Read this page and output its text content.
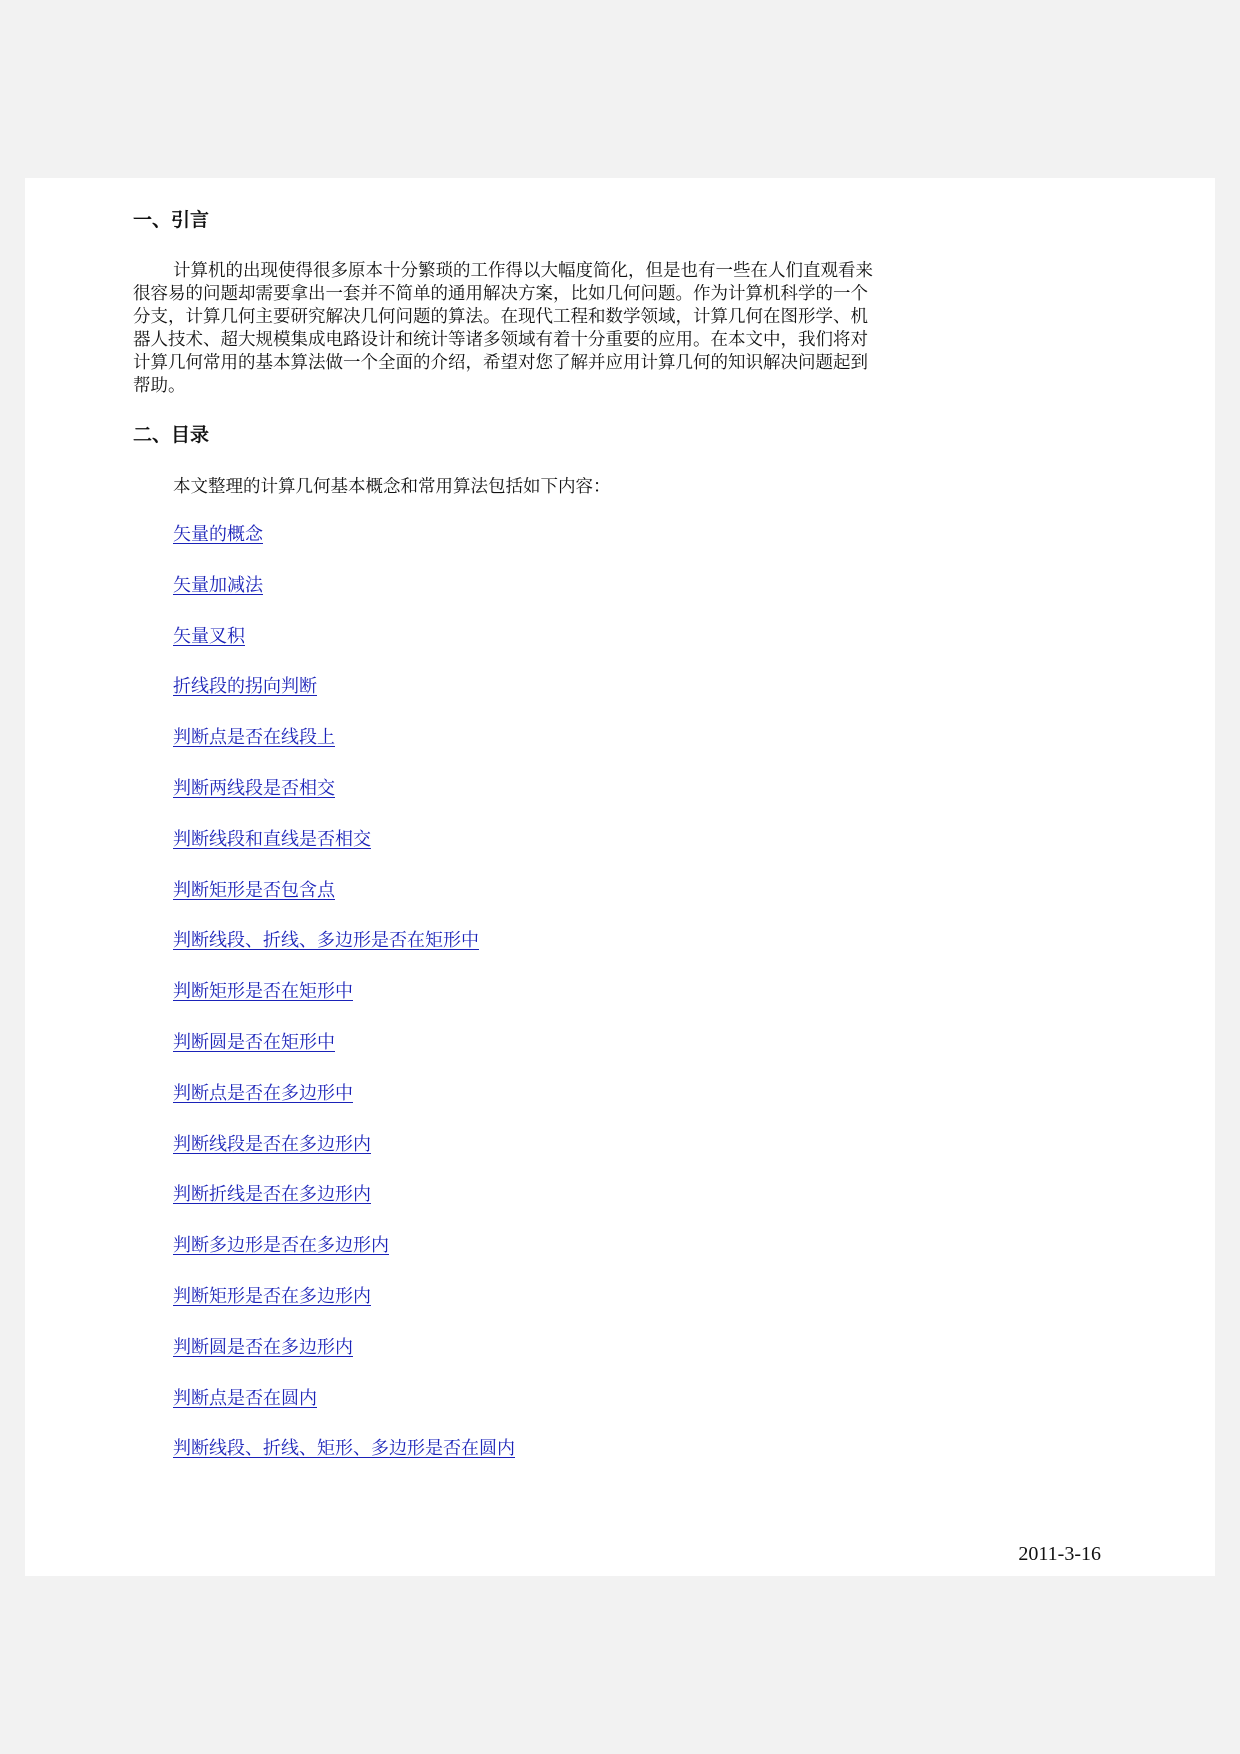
一、引言

计算机的出现使得很多原本十分繁琐的工作得以大幅度简化，但是也有一些在人们直观看来
很容易的问题却需要拿出一套并不简单的通用解决方案，比如几何问题。作为计算机科学的一个
分支，计算几何主要研究解决几何问题的算法。在现代工程和数学领域，计算几何在图形学、机
器人技术、超大规模集成电路设计和统计等诸多领域有着十分重要的应用。在本文中，我们将对
计算几何常用的基本算法做一个全面的介绍，希望对您了解并应用计算几何的知识解决问题起到
帮助。

二、目录

本文整理的计算几何基本概念和常用算法包括如下内容：

矢量的概念
矢量加减法
矢量叉积
折线段的拐向判断
判断点是否在线段上
判断两线段是否相交
判断线段和直线是否相交
判断矩形是否包含点
判断线段、折线、多边形是否在矩形中
判断矩形是否在矩形中
判断圆是否在矩形中
判断点是否在多边形中
判断线段是否在多边形内
判断折线是否在多边形内
判断多边形是否在多边形内
判断矩形是否在多边形内
判断圆是否在多边形内
判断点是否在圆内
判断线段、折线、矩形、多边形是否在圆内

2011-3-16
